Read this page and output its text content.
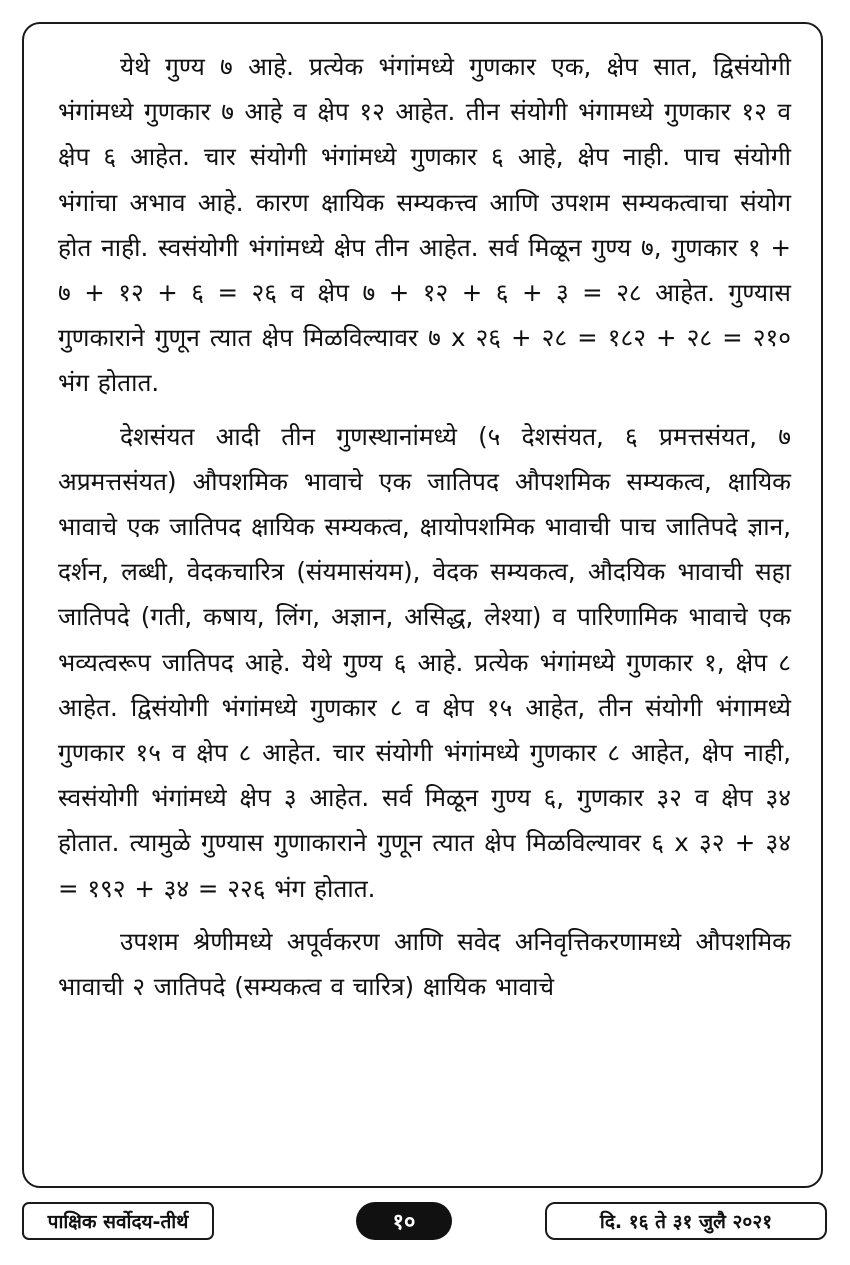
येथे गुण्य ७ आहे. प्रत्येक भंगांमध्ये गुणकार एक, क्षेप सात, द्विसंयोगी भंगांमध्ये गुणकार ७ आहे व क्षेप १२ आहेत. तीन संयोगी भंगामध्ये गुणकार १२ व क्षेप ६ आहेत. चार संयोगी भंगांमध्ये गुणकार ६ आहे, क्षेप नाही. पाच संयोगी भंगांचा अभाव आहे. कारण क्षायिक सम्यकत्त्व आणि उपशम सम्यकत्वाचा संयोग होत नाही. स्वसंयोगी भंगांमध्ये क्षेप तीन आहेत. सर्व मिळून गुण्य ७, गुणकार १ + ७ + १२ + ६ = २६ व क्षेप ७ + १२ + ६ + ३ = २८ आहेत. गुण्यास गुणकाराने गुणून त्यात क्षेप मिळविल्यावर ७ x २६ + २८ = १८२ + २८ = २१० भंग होतात.

देशसंयत आदी तीन गुणस्थानांमध्ये (५ देशसंयत, ६ प्रमत्तसंयत, ७ अप्रमत्तसंयत) औपशमिक भावाचे एक जातिपद औपशमिक सम्यकत्व, क्षायिक भावाचे एक जातिपद क्षायिक सम्यकत्व, क्षायोपशमिक भावाची पाच जातिपदे ज्ञान, दर्शन, लब्धी, वेदकचारित्र (संयमासंयम), वेदक सम्यकत्व, औदयिक भावाची सहा जातिपदे (गती, कषाय, लिंग, अज्ञान, असिद्ध, लेश्या) व पारिणामिक भावाचे एक भव्यत्वरूप जातिपद आहे. येथे गुण्य ६ आहे. प्रत्येक भंगांमध्ये गुणकार १, क्षेप ८ आहेत. द्विसंयोगी भंगांमध्ये गुणकार ८ व क्षेप १५ आहेत, तीन संयोगी भंगामध्ये गुणकार १५ व क्षेप ८ आहेत. चार संयोगी भंगांमध्ये गुणकार ८ आहेत, क्षेप नाही, स्वसंयोगी भंगांमध्ये क्षेप ३ आहेत. सर्व मिळून गुण्य ६, गुणकार ३२ व क्षेप ३४ होतात. त्यामुळे गुण्यास गुणाकाराने गुणून त्यात क्षेप मिळविल्यावर ६ x ३२ + ३४ = १९२ + ३४ = २२६ भंग होतात.

उपशम श्रेणीमध्ये अपूर्वकरण आणि सवेद अनिवृत्तिकरणामध्ये औपशमिक भावाची २ जातिपदे (सम्यकत्व व चारित्र) क्षायिक भावाचे

पाक्षिक सर्वोदय-तीर्थ	१०	दि. १६ ते ३१ जुलै २०२१
